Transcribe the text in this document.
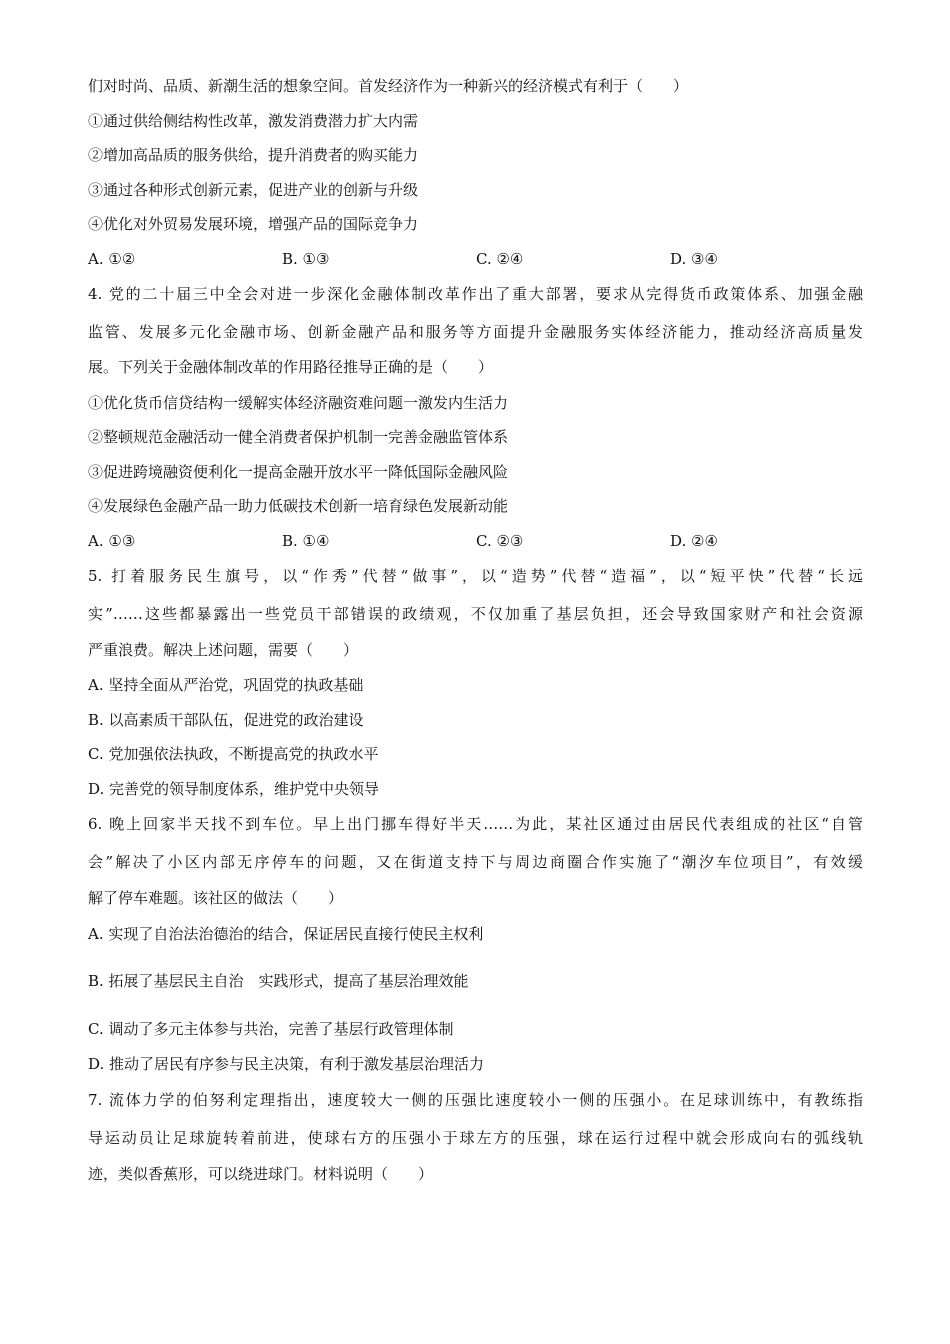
们对时尚、品质、新潮生活的想象空间。首发经济作为一种新兴的经济模式有利于（　　）
①通过供给侧结构性改革，激发消费潜力扩大内需
②增加高品质的服务供给，提升消费者的购买能力
③通过各种形式创新元素，促进产业的创新与升级
④优化对外贸易发展环境，增强产品的国际竞争力
A. ①②	B. ①③	C. ②④	D. ③④
4. 党的二十届三中全会对进一步深化金融体制改革作出了重大部署，要求从完得货币政策体系、加强金融
监管、发展多元化金融市场、创新金融产品和服务等方面提升金融服务实体经济能力，推动经济高质量发
展。下列关于金融体制改革的作用路径推导正确的是（　　）
①优化货币信贷结构一缓解实体经济融资难问题一激发内生活力
②整顿规范金融活动一健全消费者保护机制一完善金融监管体系
③促进跨境融资便利化一提高金融开放水平一降低国际金融风险
④发展绿色金融产品一助力低碳技术创新一培育绿色发展新动能
A. ①③	B. ①④	C. ②③	D. ②④
5. 打着服务民生旗号，以“作秀”代替“做事”，以“造势”代替“造福”，以“短平快”代替“长远
实”……这些都暴露出一些党员干部错误的政绩观，不仅加重了基层负担，还会导致国家财产和社会资源
严重浪费。解决上述问题，需要（　　）
A. 坚持全面从严治党，巩固党的执政基础
B. 以高素质干部队伍，促进党的政治建设
C. 党加强依法执政，不断提高党的执政水平
D. 完善党的领导制度体系，维护党中央领导
6. 晚上回家半天找不到车位。早上出门挪车得好半天……为此，某社区通过由居民代表组成的社区“自管
会”解决了小区内部无序停车的问题，又在街道支持下与周边商圈合作实施了“潮汐车位项目”，有效缓
解了停车难题。该社区的做法（　　）
A. 实现了自治法治德治的结合，保证居民直接行使民主权利
B. 拓展了基层民主自治　实践形式，提高了基层治理效能
C. 调动了多元主体参与共治，完善了基层行政管理体制
D. 推动了居民有序参与民主决策，有利于激发基层治理活力
7. 流体力学的伯努利定理指出，速度较大一侧的压强比速度较小一侧的压强小。在足球训练中，有教练指
导运动员让足球旋转着前进，使球右方的压强小于球左方的压强，球在运行过程中就会形成向右的弧线轨
迹，类似香蕉形，可以绕进球门。材料说明（　　）
